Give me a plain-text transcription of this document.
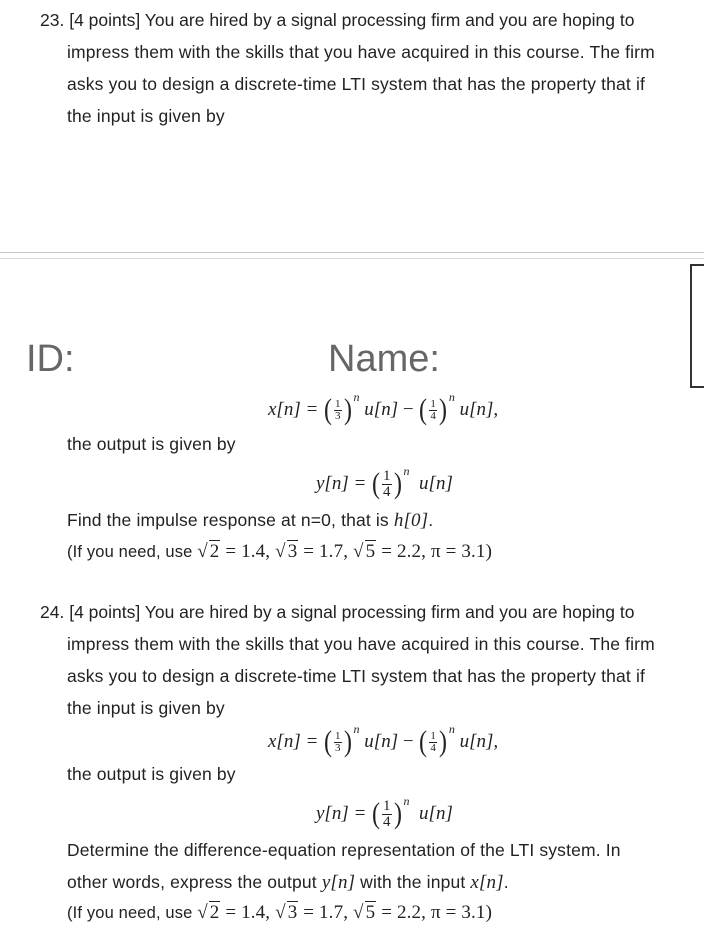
23. [4 points] You are hired by a signal processing firm and you are hoping to
impress them with the skills that you have acquired in this course. The firm
asks you to design a discrete-time LTI system that has the property that if
the input is given by
ID:	Name:
x[n] =
( $\frac{1}{3}$ ) n

u[n]
−
( $\frac{1}{4}$ ) n

u[n],
the output is given by
y[n] =
( $\frac{1}{4}$ ) n

u[n]
Find the impulse response at n=0, that is h[0].
(If you need, use √ 2 = 1.4, √ 3 = 1.7, √ 5 = 2.2, π = 3.1)
24. [4 points] You are hired by a signal processing firm and you are hoping to
impress them with the skills that you have acquired in this course. The firm
asks you to design a discrete-time LTI system that has the property that if
the input is given by
x[n] =
( $\frac{1}{3}$ ) n

u[n]
−
( $\frac{1}{4}$ ) n

u[n],
the output is given by
y[n] =
( $\frac{1}{4}$ ) n

u[n]
Determine the difference-equation representation of the LTI system. In
other words, express the output y[n] with the input x[n].
(If you need, use √ 2 = 1.4, √ 3 = 1.7, √ 5 = 2.2, π = 3.1)
